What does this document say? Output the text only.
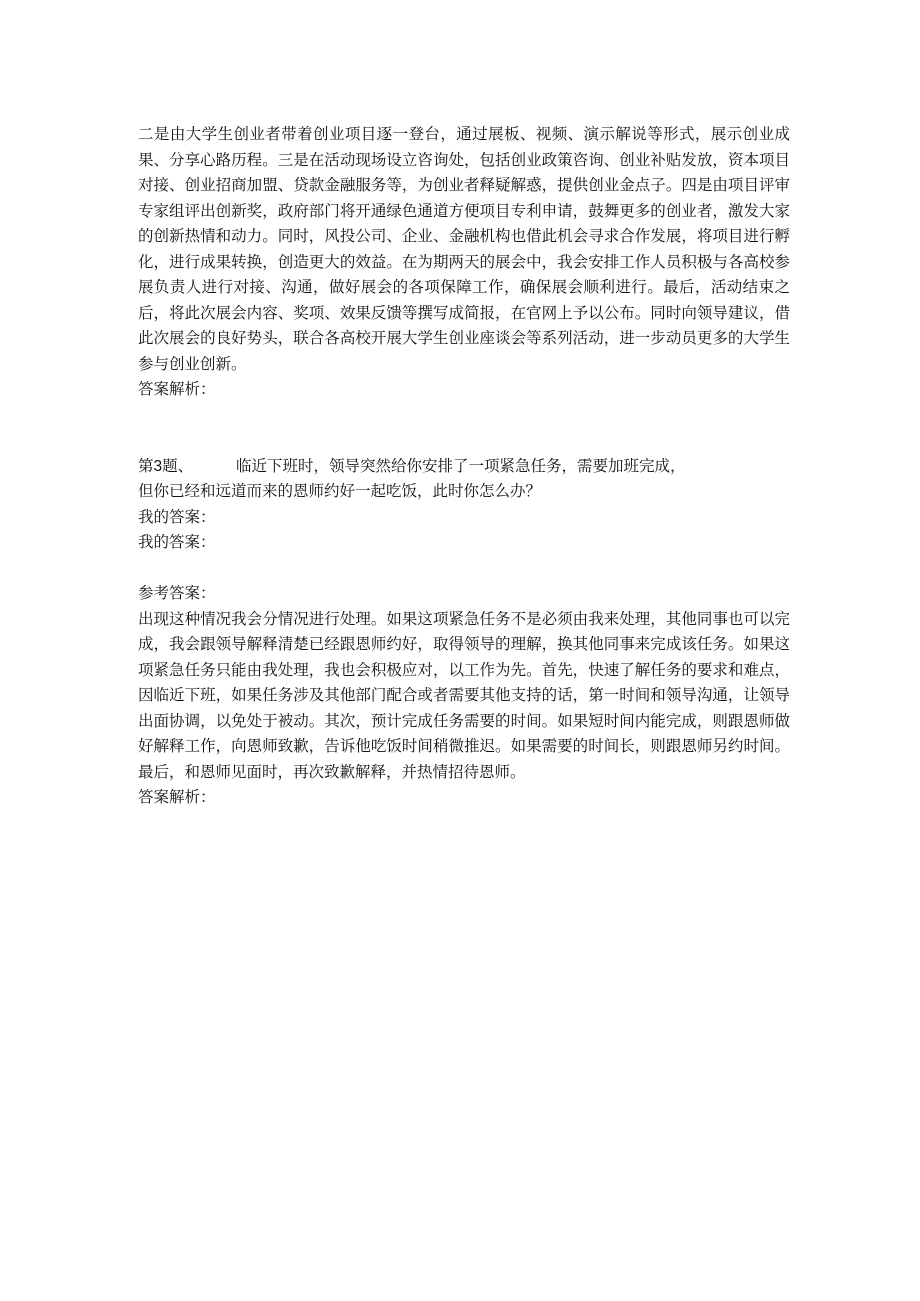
二是由大学生创业者带着创业项目逐一登台，通过展板、视频、演示解说等形式，展示创业成果、分享心路历程。三是在活动现场设立咨询处，包括创业政策咨询、创业补贴发放，资本项目对接、创业招商加盟、贷款金融服务等，为创业者释疑解惑，提供创业金点子。四是由项目评审专家组评出创新奖，政府部门将开通绿色通道方便项目专利申请，鼓舞更多的创业者，激发大家的创新热情和动力。同时，风投公司、企业、金融机构也借此机会寻求合作发展，将项目进行孵化，进行成果转换，创造更大的效益。在为期两天的展会中，我会安排工作人员积极与各高校参展负责人进行对接、沟通，做好展会的各项保障工作，确保展会顺利进行。最后，活动结束之后，将此次展会内容、奖项、效果反馈等撰写成简报，在官网上予以公布。同时向领导建议，借此次展会的良好势头，联合各高校开展大学生创业座谈会等系列活动，进一步动员更多的大学生参与创业创新。

答案解析：

第3题、	临近下班时，领导突然给你安排了一项紧急任务，需要加班完成，

但你已经和远道而来的恩师约好一起吃饭，此时你怎么办？

我的答案：

我的答案：

参考答案：

出现这种情况我会分情况进行处理。如果这项紧急任务不是必须由我来处理，其他同事也可以完成，我会跟领导解释清楚已经跟恩师约好，取得领导的理解，换其他同事来完成该任务。如果这项紧急任务只能由我处理，我也会积极应对，以工作为先。首先，快速了解任务的要求和难点，因临近下班，如果任务涉及其他部门配合或者需要其他支持的话，第一时间和领导沟通，让领导出面协调，以免处于被动。其次，预计完成任务需要的时间。如果短时间内能完成，则跟恩师做好解释工作，向恩师致歉，告诉他吃饭时间稍微推迟。如果需要的时间长，则跟恩师另约时间。最后，和恩师见面时，再次致歉解释，并热情招待恩师。

答案解析：
